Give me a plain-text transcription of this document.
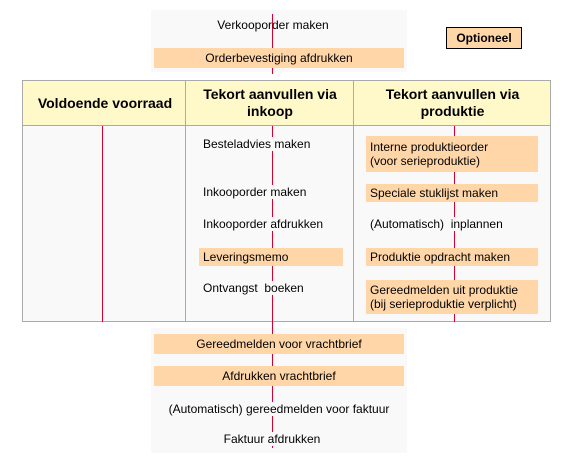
Verkooporder maken
Orderbevestiging afdrukken
Optioneel
Voldoende voorraad
Tekort aanvullen via inkoop
Tekort aanvullen via produktie
Besteladvies maken
Inkooporder maken
Inkooporder afdrukken
Leveringsmemo
Ontvangst  boeken
Interne produktieorder
(voor serieproduktie)
Speciale stuklijst maken
(Automatisch)  inplannen
Produktie opdracht maken
Gereedmelden uit produktie
(bij serieproduktie verplicht)
Gereedmelden voor vrachtbrief
Afdrukken vrachtbrief
(Automatisch) gereedmelden voor faktuur
Faktuur afdrukken
